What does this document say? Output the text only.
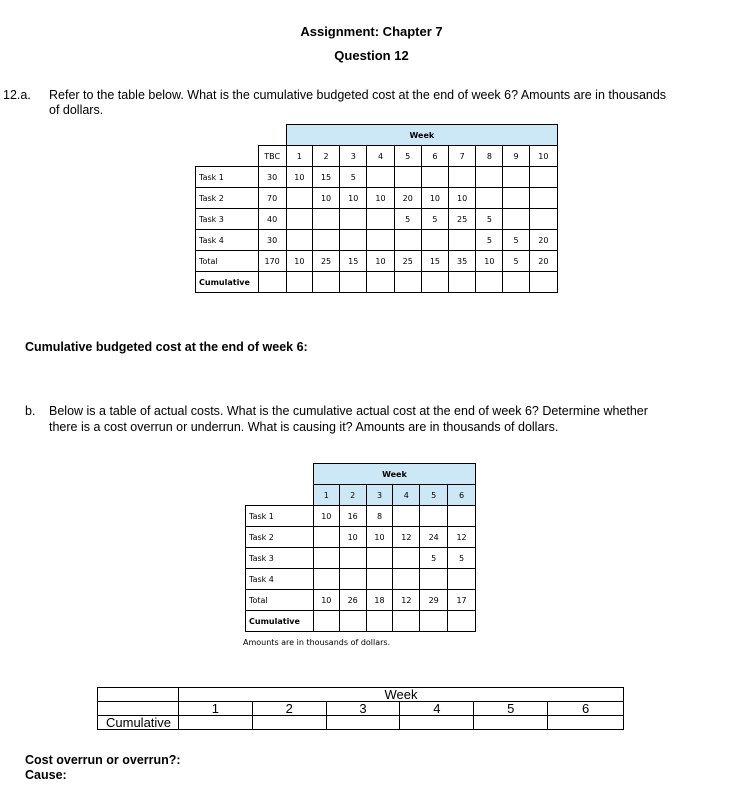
Assignment: Chapter 7
Question 12
12.a. Refer to the table below. What is the cumulative budgeted cost at the end of week 6? Amounts are in thousands
of dollars.
		Week									
	TBC	1	2	3	4	5	6	7	8	9	10
Task 1	30	10	15	5							
Task 2	70		10	10	10	20	10	10			
Task 3	40					5	5	25	5		
Task 4	30								5	5	20
Total	170	10	25	15	10	25	15	35	10	5	20
Cumulative											
Cumulative budgeted cost at the end of week 6:
b. Below is a table of actual costs. What is the cumulative actual cost at the end of week 6? Determine whether
there is a cost overrun or underrun. What is causing it? Amounts are in thousands of dollars.
	Week					
	1	2	3	4	5	6
Task 1	10	16	8			
Task 2		10	10	12	24	12
Task 3					5	5
Task 4						
Total	10	26	18	12	29	17
Cumulative						
Amounts are in thousands of dollars.
	Week					
	1	2	3	4	5	6
Cumulative						
Cost overrun or overrun?:
Cause:
